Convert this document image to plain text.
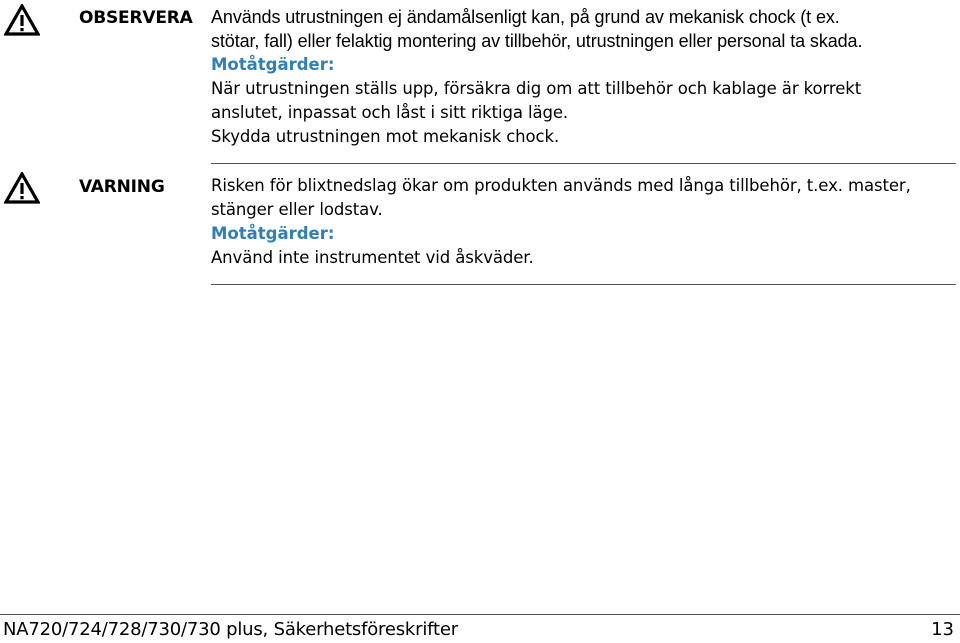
OBSERVERA Används utrustningen ej ändamålsenligt kan, på grund av mekanisk chock (t ex.
stötar, fall) eller felaktig montering av tillbehör, utrustningen eller personal ta skada.
Motåtgärder:
När utrustningen ställs upp, försäkra dig om att tillbehör och kablage är korrekt
anslutet, inpassat och låst i sitt riktiga läge.
Skydda utrustningen mot mekanisk chock.
VARNING	Risken för blixtnedslag ökar om produkten används med långa tillbehör, t.ex. master,
stänger eller lodstav.
Motåtgärder:
Använd inte instrumentet vid åskväder.
NA720/724/728/730/730 plus, Säkerhetsföreskrifter	13
